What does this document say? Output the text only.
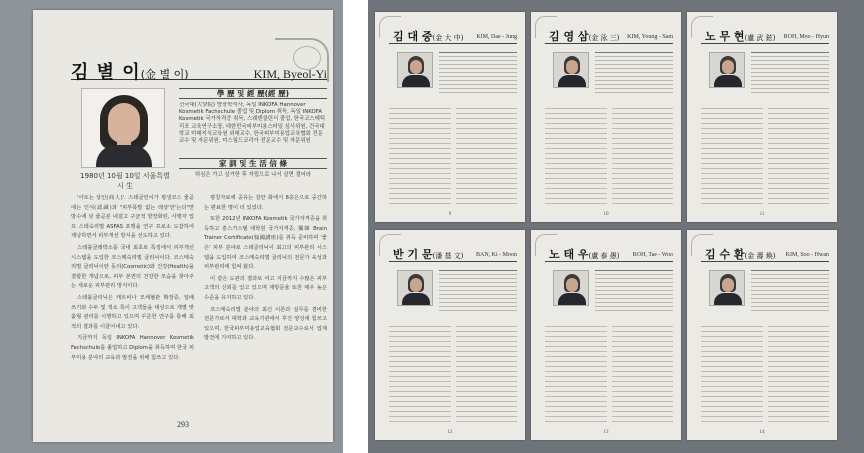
김 별 이(金 별 이)	KIM, Byeol-Yi
1980년 10월 10일 서울특별시 生
學 歷 및 經 歷(經 歷)
건국대(大學院) 향장학석사, 독일 INKOFA Hannover Kosmetik Fachschule 졸업 및 Diplom 취득, 독일 INKOFA Kosmetik 국가자격증 취득, 스웨덴클린서 졸업, 한국코스메틱리포 교육연구소장, 대한민국피부미용스타일 심사위원, 건국대학교 미래지식교육원 외래교수, 한국피부미용업교육협회 전문교수 및 자문위원, 미스월드코리아 전문교수 및 자문위원
家 訓 및 生 活 信 條
허심은 가고 실거한 후 자립으로 나서 살면 결어라

'아토는 상인(商人)'. 스테클린이가 평생코스 줄곧에는 인식(認識)과 "피부폭발 없는 레상'만'는다"면 방수에 덧 줄곧분 내걸고 구균적 향장화된, 사행자 업 프 스테숙리벌 ASFAS 포맹을 연구 프로소 도갈하여 제낭하면서 피부개선 방식을 선도하고 있다.

스테블클레박소를 국내 최초로 특징에서 피부개선 시스템을 도입한 코스메숙리벌 클리닉이다. 코스메숙리벌 클리닉이란 동의(Cosmetic)와 건강(Health)을 결합한 개념으로, 피부 본연의 건강한 모습을 찾아주는 새로운 피부관리 방식이다.

스테블클리닉은 캐트비나 모세혈관 확장증, 일배 쓰기와 수두 및 색소 특이 고객들을 대상으로 개별 맞춤형 관리를 시행하고 있으며 꾸준한 연구를 통해 최적의 결과를 이끌어내고 있다.

지금까지 독일 INKOFA Hannover Kosmetik Fachschule를 졸업하고 Diplom을 취득하며 한국 피부미용 분야의 교육과 발전을 위해 힘쓰고 있다.

평칭자료에 공유는 감안 화에서 8층은으로 중간하는 편료한 명이 더 있었다.

또한 2012년 INKOFA Kosmetik 국가자격증을 취득하고 흥스가스텔 대학원 국가자격증, 獨韓 Brain Trainer Certificate(翰國講座)를 취득 준비하며 '좋은' 피부 분야로 스테클리닉이 최고의 피부관리 시스템을 도입하여 코스메숙리벌 클리닉의 전문가 육성과 피부관리에 힘써 왔다.

이 같은 도관의 결과로 여고 지금까지 수많은 피부 고객의 신뢰를 얻고 있으며 재방문율 또한 매우 높은 수준을 유지하고 있다.

코스메숙리벌 분야의 최신 이론과 실무를 겸비한 전문가로서 대학과 교육기관에서 후진 양성에 힘쓰고 있으며, 한국피부미용업교육협회 전문교수로서 업계 발전에 기여하고 있다.

293
김 대 중(金 大 中) KIM, Dae - Jung
9
김 영 삼(金 泳 三) KIM, Young - Sam
10
노 무 현(盧 武 鉉) ROH, Moo - Hyun
11
반 기 문(潘 基 文) BAN, Ki - Moon
12
노 태 우(盧 泰 愚) ROH, Tae - Woo
13
김 수 환(金 壽 煥) KIM, Soo - Hwan
14
